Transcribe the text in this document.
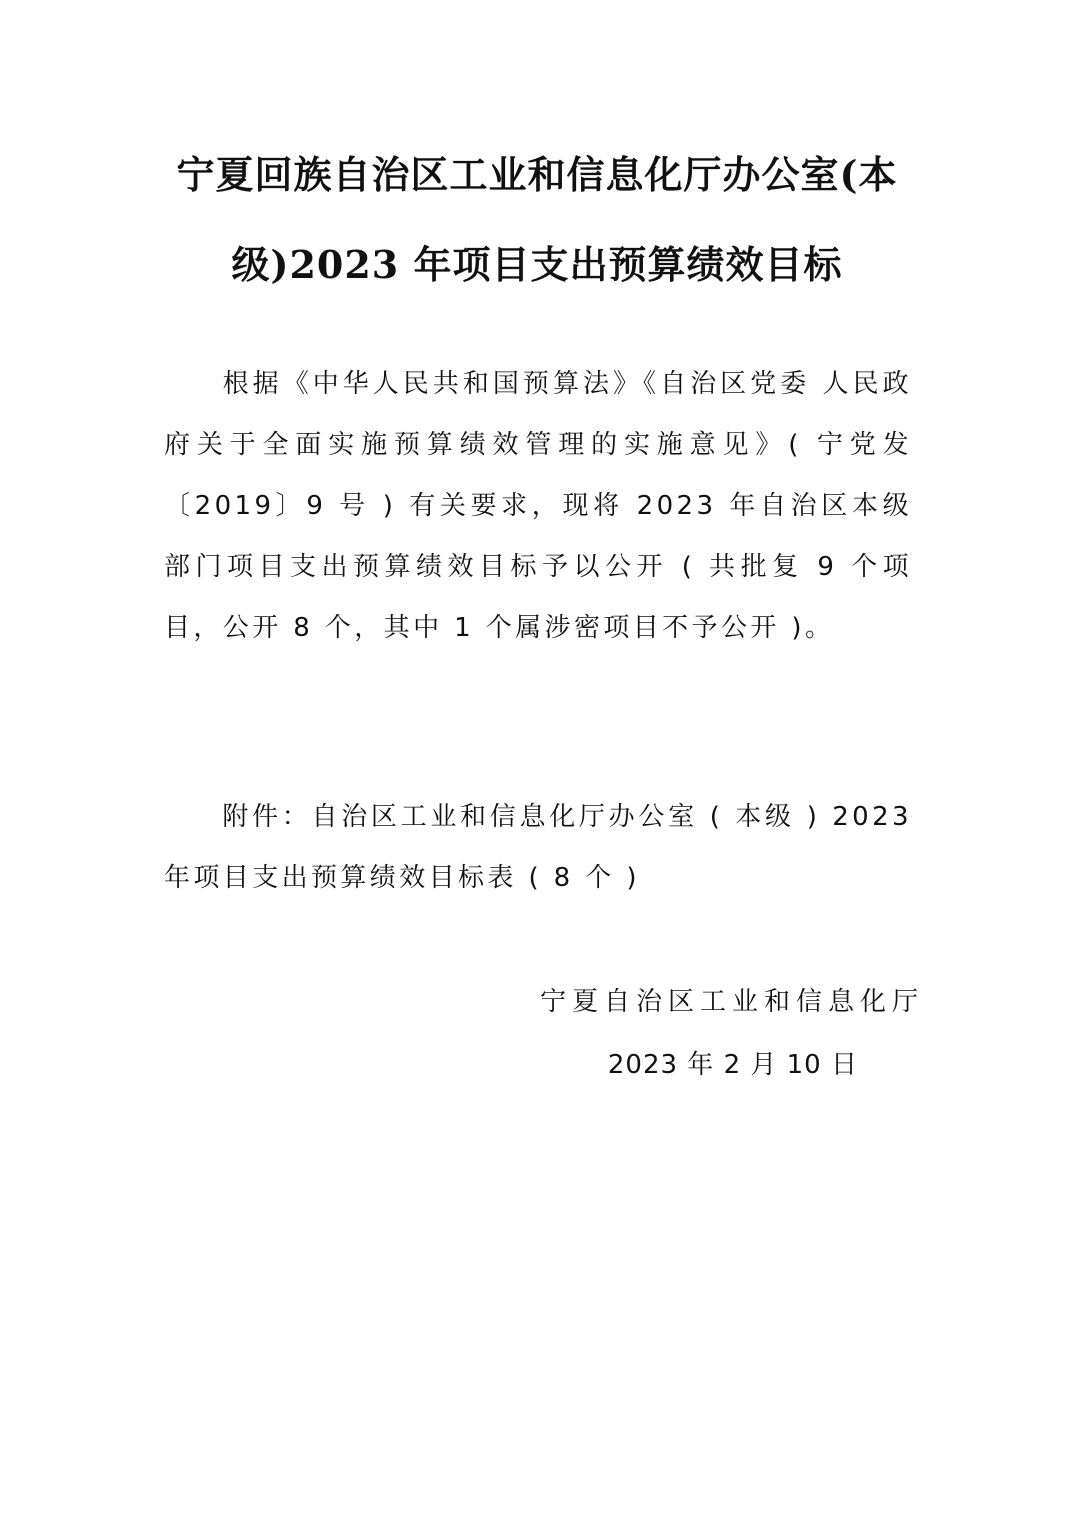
宁夏回族自治区工业和信息化厅办公室(本
级)2023 年项目支出预算绩效目标
根据《中华人民共和国预算法》《自治区党委 人民政府关于全面实施预算绩效管理的实施意见》( 宁党发〔2019〕9 号 ) 有关要求，现将 2023 年自治区本级部门项目支出预算绩效目标予以公开 ( 共批复 9 个项目，公开 8 个，其中 1 个属涉密项目不予公开 )。
附件：自治区工业和信息化厅办公室 ( 本级 ) 2023 年项目支出预算绩效目标表 ( 8 个 )
宁夏自治区工业和信息化厅
2023 年 2 月 10 日
